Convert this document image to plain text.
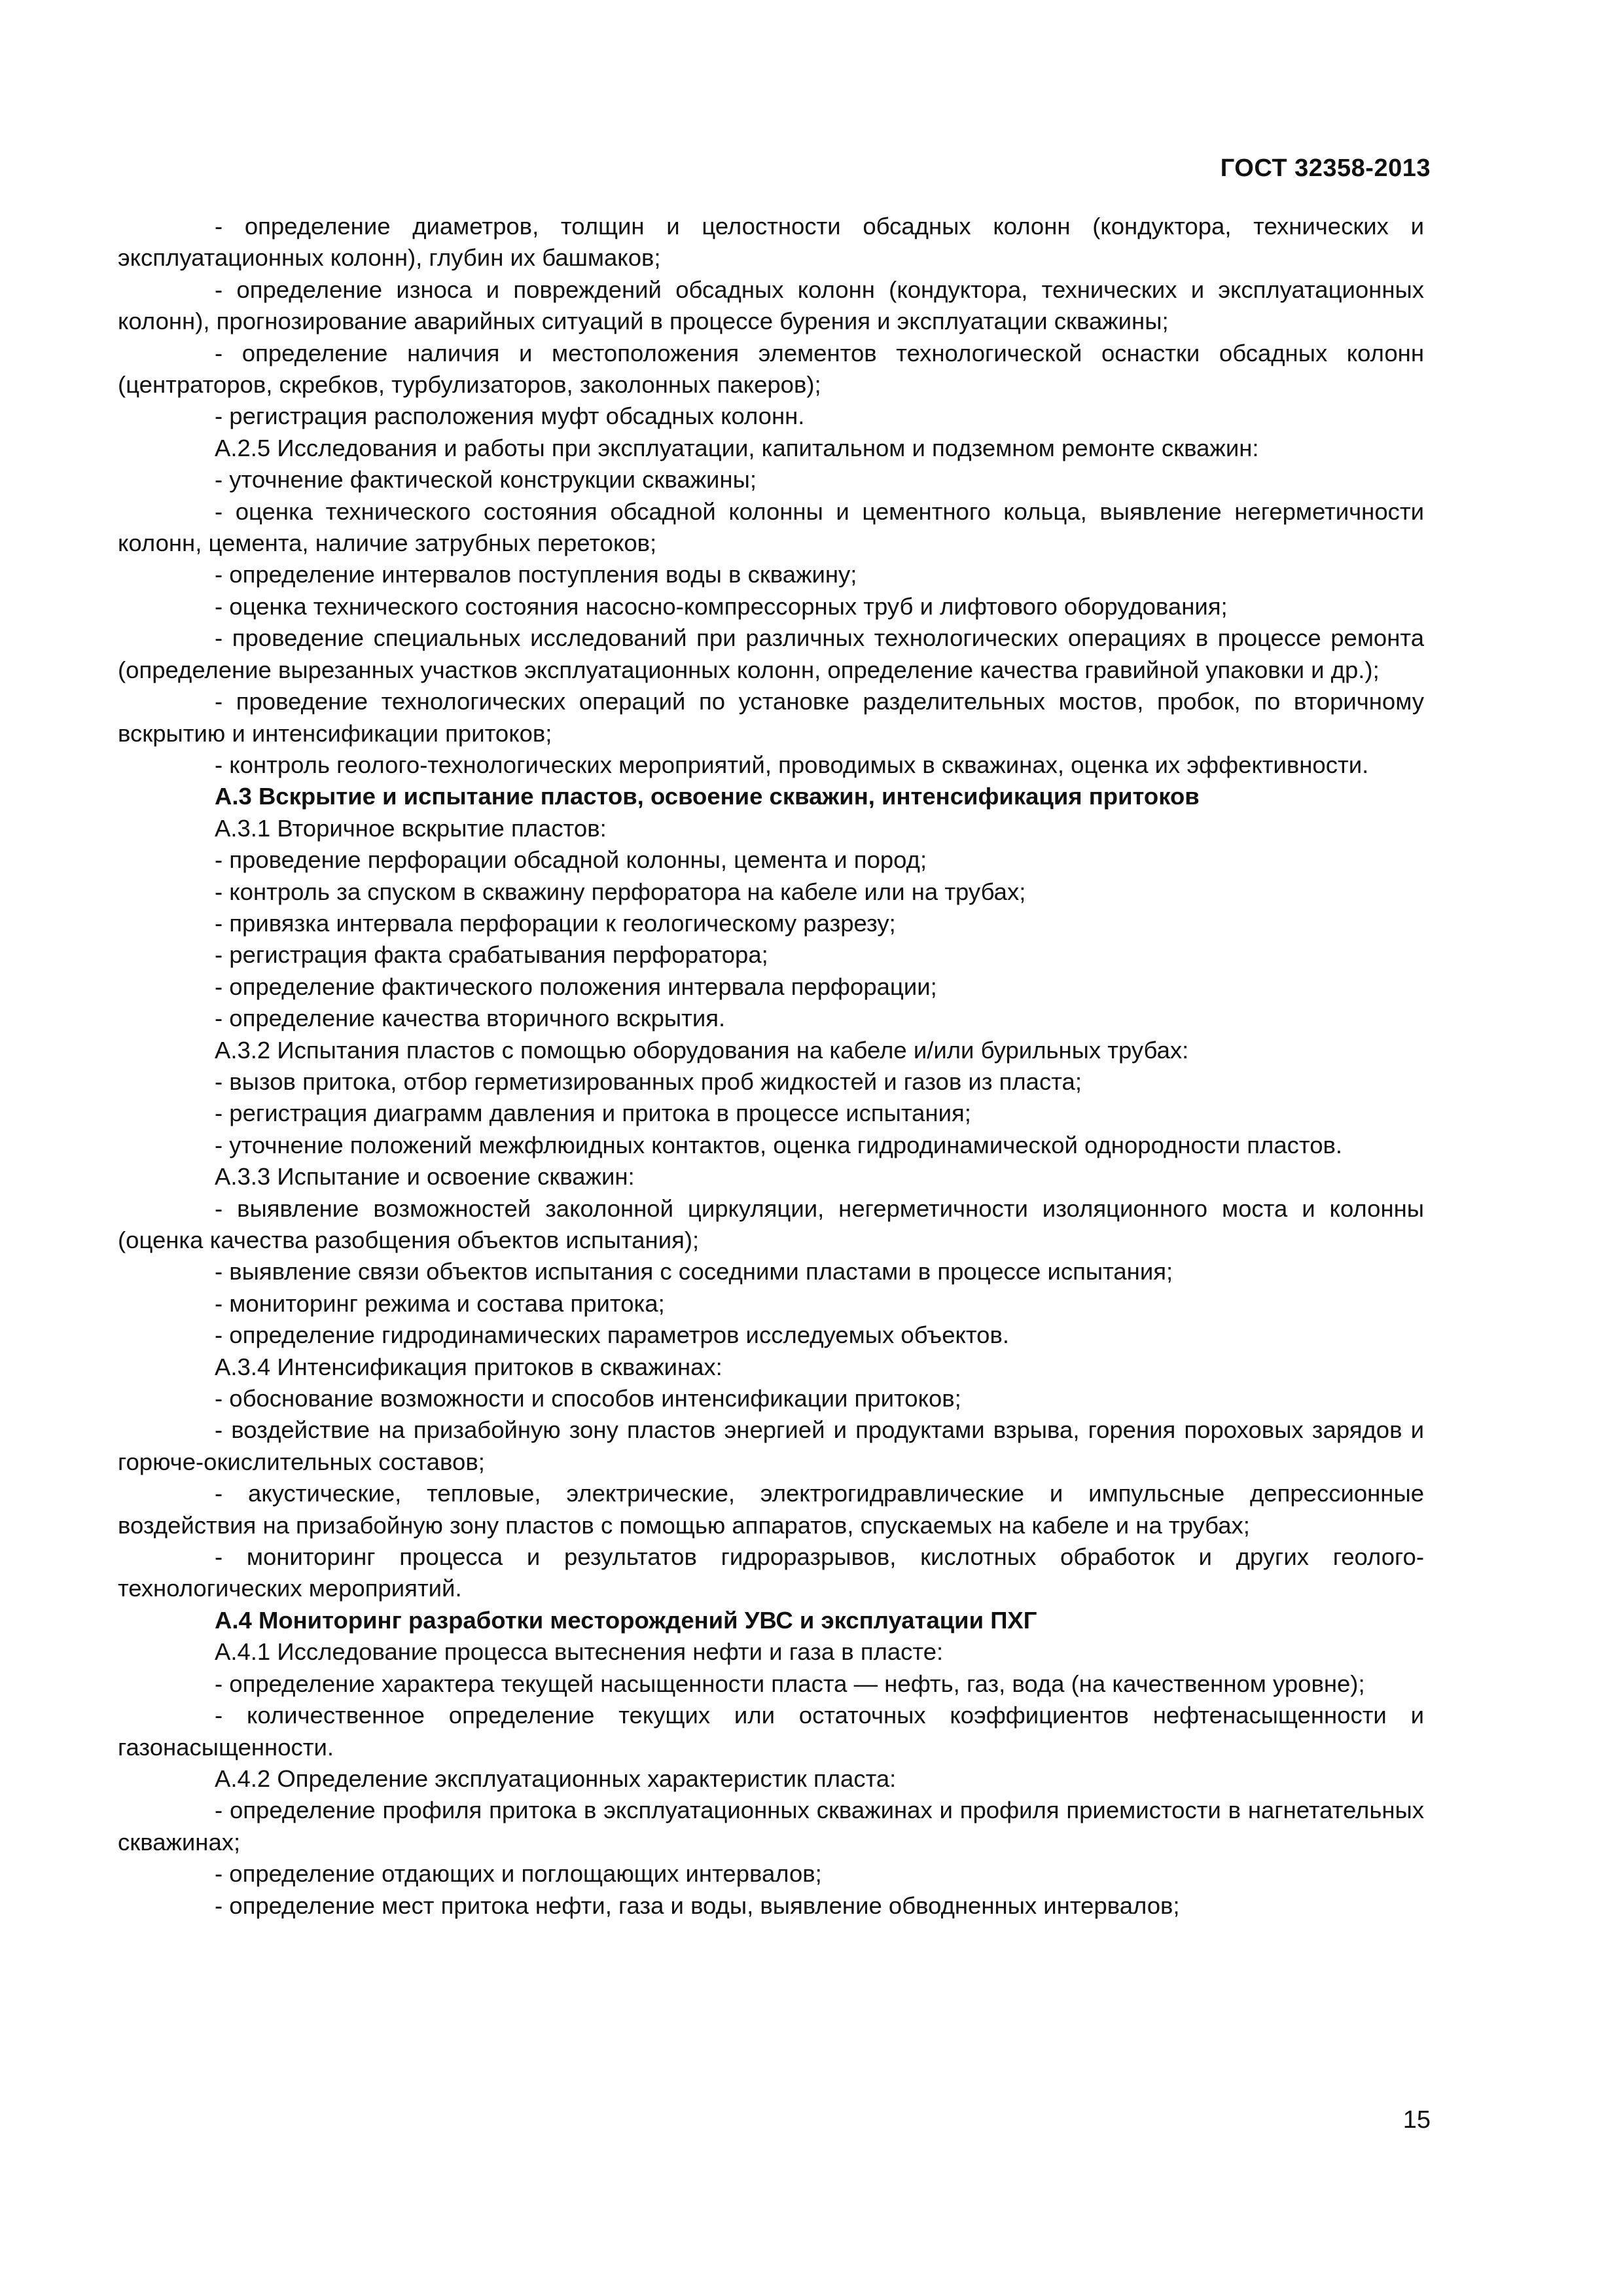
ГОСТ 32358-2013

- определение диаметров, толщин и целостности обсадных колонн (кондуктора, технических и эксплуатационных колонн), глубин их башмаков;

- определение износа и повреждений обсадных колонн (кондуктора, технических и эксплуатационных колонн), прогнозирование аварийных ситуаций в процессе бурения и эксплуатации скважины;

- определение наличия и местоположения элементов технологической оснастки обсадных колонн (центраторов, скребков, турбулизаторов, заколонных пакеров);

- регистрация расположения муфт обсадных колонн.

А.2.5 Исследования и работы при эксплуатации, капитальном и подземном ремонте скважин:

- уточнение фактической конструкции скважины;

- оценка технического состояния обсадной колонны и цементного кольца, выявление негерметичности колонн, цемента, наличие затрубных перетоков;

- определение интервалов поступления воды в скважину;

- оценка технического состояния насосно-компрессорных труб и лифтового оборудования;

- проведение специальных исследований при различных технологических операциях в процессе ремонта (определение вырезанных участков эксплуатационных колонн, определение качества гравийной упаковки и др.);

- проведение технологических операций по установке разделительных мостов, пробок, по вторичному вскрытию и интенсификации притоков;

- контроль геолого-технологических мероприятий, проводимых в скважинах, оценка их эффективности.

А.3 Вскрытие и испытание пластов, освоение скважин, интенсификация притоков

А.3.1 Вторичное вскрытие пластов:

- проведение перфорации обсадной колонны, цемента и пород;

- контроль за спуском в скважину перфоратора на кабеле или на трубах;

- привязка интервала перфорации к геологическому разрезу;

- регистрация факта срабатывания перфоратора;

- определение фактического положения интервала перфорации;

- определение качества вторичного вскрытия.

А.3.2 Испытания пластов с помощью оборудования на кабеле и/или бурильных трубах:

- вызов притока, отбор герметизированных проб жидкостей и газов из пласта;

- регистрация диаграмм давления и притока в процессе испытания;

- уточнение положений межфлюидных контактов, оценка гидродинамической однородности пластов.

А.3.3 Испытание и освоение скважин:

- выявление возможностей заколонной циркуляции, негерметичности изоляционного моста и колонны (оценка качества разобщения объектов испытания);

- выявление связи объектов испытания с соседними пластами в процессе испытания;

- мониторинг режима и состава притока;

- определение гидродинамических параметров исследуемых объектов.

А.3.4 Интенсификация притоков в скважинах:

- обоснование возможности и способов интенсификации притоков;

- воздействие на призабойную зону пластов энергией и продуктами взрыва, горения пороховых зарядов и горюче-окислительных составов;

- акустические, тепловые, электрические, электрогидравлические и импульсные депрессионные воздействия на призабойную зону пластов с помощью аппаратов, спускаемых на кабеле и на трубах;

- мониторинг процесса и результатов гидроразрывов, кислотных обработок и других геолого-технологических мероприятий.

А.4 Мониторинг разработки месторождений УВС и эксплуатации ПХГ

А.4.1 Исследование процесса вытеснения нефти и газа в пласте:

- определение характера текущей насыщенности пласта — нефть, газ, вода (на качественном уровне);

- количественное определение текущих или остаточных коэффициентов нефтенасыщенности и газонасыщенности.

А.4.2 Определение эксплуатационных характеристик пласта:

- определение профиля притока в эксплуатационных скважинах и профиля приемистости в нагнетательных скважинах;

- определение отдающих и поглощающих интервалов;

- определение мест притока нефти, газа и воды, выявление обводненных интервалов;

15
